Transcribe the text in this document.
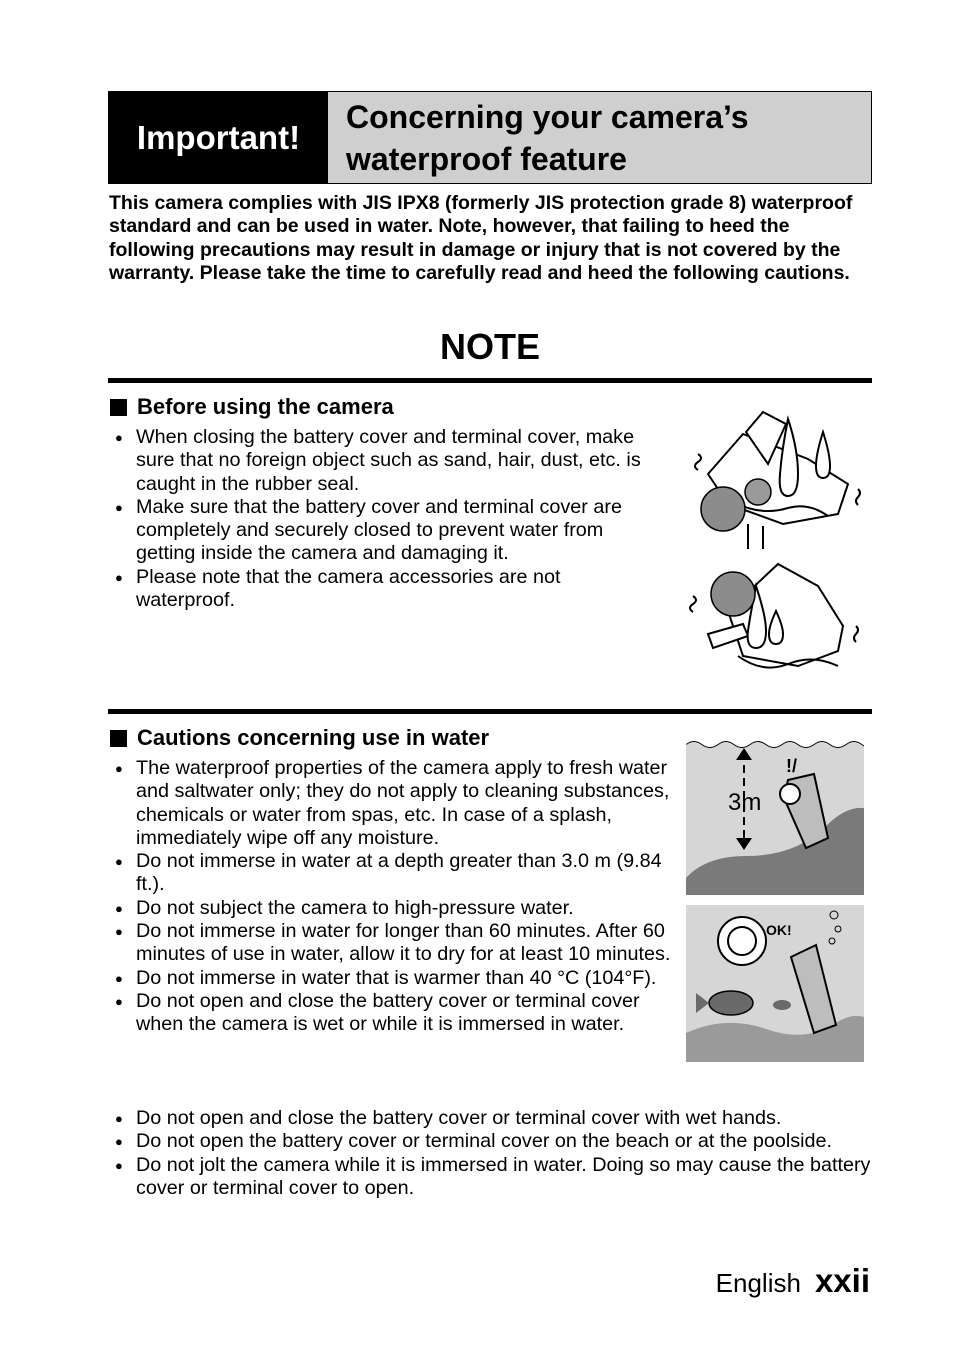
Important!
Concerning your camera’s
waterproof feature
This camera complies with JIS IPX8 (formerly JIS protection grade 8) waterproof standard and can be used in water. Note, however, that failing to heed the following precautions may result in damage or injury that is not covered by the warranty. Please take the time to carefully read and heed the following cautions.
NOTE
Before using the camera
● When closing the battery cover and terminal cover, make sure that no foreign object such as sand, hair, dust, etc. is caught in the rubber seal.
● Make sure that the battery cover and terminal cover are completely and securely closed to prevent water from getting inside the camera and damaging it.
● Please note that the camera accessories are not waterproof.
Cautions concerning use in water
● The waterproof properties of the camera apply to fresh water and saltwater only; they do not apply to cleaning substances, chemicals or water from spas, etc. In case of a splash, immediately wipe off any moisture.
● Do not immerse in water at a depth greater than 3.0 m (9.84 ft.).
● Do not subject the camera to high-pressure water.
● Do not immerse in water for longer than 60 minutes. After 60 minutes of use in water, allow it to dry for at least 10 minutes.
● Do not immerse in water that is warmer than 40 °C (104°F).
● Do not open and close the battery cover or terminal cover when the camera is wet or while it is immersed in water.
● Do not open and close the battery cover or terminal cover with wet hands.
● Do not open the battery cover or terminal cover on the beach or at the poolside.
● Do not jolt the camera while it is immersed in water. Doing so may cause the battery cover or terminal cover to open.
3m
!/
OK!
English xxii
